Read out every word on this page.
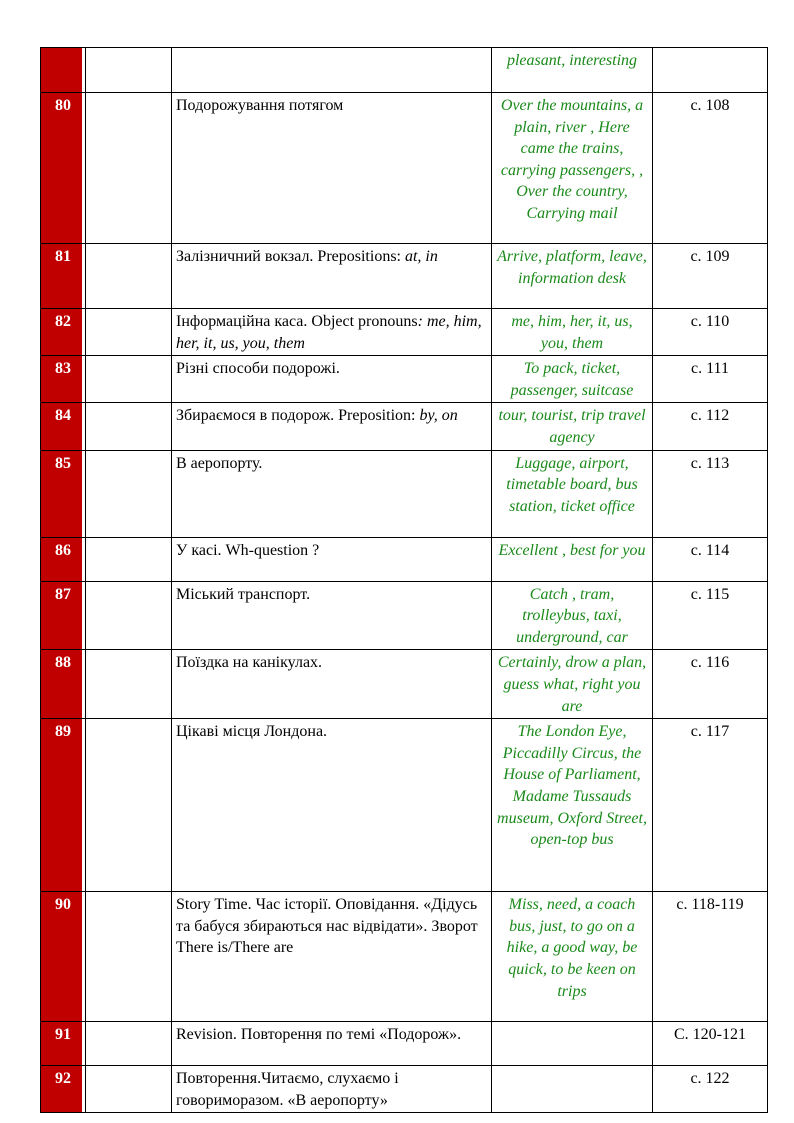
			pleasant, interesting	
80		Подорожування потягом	Over the mountains, a plain, river , Here came the trains, carrying passengers, , Over the country, Carrying mail	с. 108
81		Залізничний вокзал. Prepositions: at, in	Arrive, platform, leave, information desk	с. 109
82		Інформаційна каса. Object pronouns: me, him, her, it, us, you, them	me, him, her, it, us, you, them	с. 110
83		Різні способи подорожі.	To pack, ticket, passenger, suitcase	с. 111
84		Збираємося в подорож. Preposition: by, on	tour, tourist, trip travel agency	с. 112
85		В аеропорту.	Luggage, airport, timetable board, bus station, ticket office	с. 113
86		У касі. Wh-question ?	Excellent , best for you	с. 114
87		Міський транспорт.	Catch , tram, trolleybus, taxi, underground, car	с. 115
88		Поїздка на канікулах.	Certainly, drow a plan, guess what, right you are	с. 116
89		Цікаві місця Лондона.	The London Eye, Piccadilly Circus, the House of Parliament, Madame Tussauds museum, Oxford Street, open-top bus	с. 117
90		Story Time. Час історії. Оповідання. «Дідусь та бабуся збираються нас відвідати». Зворот There is/There are	Miss, need, a coach bus, just, to go on a hike, a good way, be quick, to be keen on trips	с. 118-119
91		Revision. Повторення по темі «Подорож».		С. 120-121
92		Повторення.Читаємо, слухаємо і говоримоpазом. «В аеропорту»		с. 122
